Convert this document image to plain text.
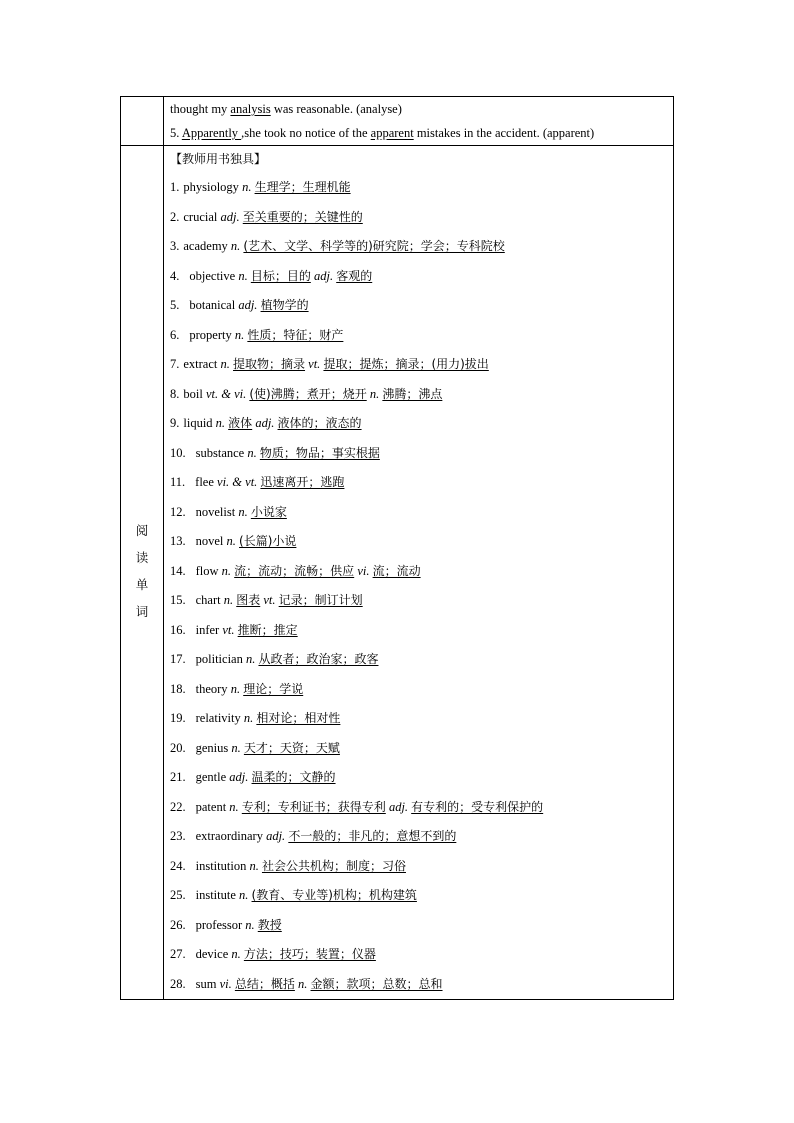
thought my analysis was reasonable. (analyse)
5. Apparently ,she took no notice of the apparent mistakes in the accident. (apparent)
阅
读
单
词
【教师用书独具】
1. physiology n. 生理学；生理机能
2. crucial adj. 至关重要的；关键性的
3. academy n. (艺术、文学、科学等的)研究院；学会；专科院校
4. objective n. 目标；目的 adj. 客观的
5. botanical adj. 植物学的
6. property n. 性质；特征；财产
7. extract n. 提取物；摘录 vt. 提取；提炼；摘录；(用力)拔出
8. boil vt. & vi. (使)沸腾；煮开；烧开 n. 沸腾；沸点
9. liquid n. 液体 adj. 液体的；液态的
10. substance n. 物质；物品；事实根据
11. flee vi. & vt. 迅速离开；逃跑
12. novelist n. 小说家
13. novel n. (长篇)小说
14. flow n. 流；流动；流畅；供应 vi. 流；流动
15. chart n. 图表 vt. 记录；制订计划
16. infer vt. 推断；推定
17. politician n. 从政者；政治家；政客
18. theory n. 理论；学说
19. relativity n. 相对论；相对性
20. genius n. 天才；天资；天赋
21. gentle adj. 温柔的；文静的
22. patent n. 专利；专利证书；获得专利 adj. 有专利的；受专利保护的
23. extraordinary adj. 不一般的；非凡的；意想不到的
24. institution n. 社会公共机构；制度；习俗
25. institute n. (教育、专业等)机构；机构建筑
26. professor n. 教授
27. device n. 方法；技巧；装置；仪器
28. sum vi. 总结；概括 n. 金额；款项；总数；总和
